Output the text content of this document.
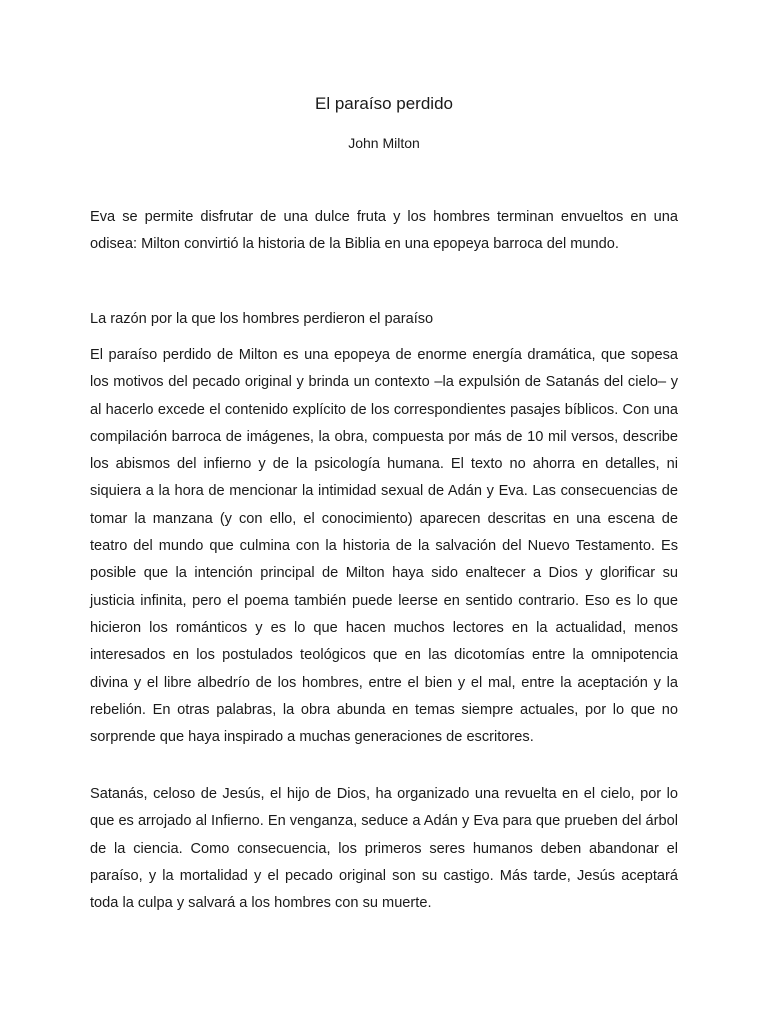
El paraíso perdido

John Milton

Eva se permite disfrutar de una dulce fruta y los hombres terminan envueltos en una odisea: Milton convirtió la historia de la Biblia en una epopeya barroca del mundo.

La razón por la que los hombres perdieron el paraíso

El paraíso perdido de Milton es una epopeya de enorme energía dramática, que sopesa los motivos del pecado original y brinda un contexto –la expulsión de Satanás del cielo– y al hacerlo excede el contenido explícito de los correspondientes pasajes bíblicos. Con una compilación barroca de imágenes, la obra, compuesta por más de 10 mil versos, describe los abismos del infierno y de la psicología humana. El texto no ahorra en detalles, ni siquiera a la hora de mencionar la intimidad sexual de Adán y Eva. Las consecuencias de tomar la manzana (y con ello, el conocimiento) aparecen descritas en una escena de teatro del mundo que culmina con la historia de la salvación del Nuevo Testamento. Es posible que la intención principal de Milton haya sido enaltecer a Dios y glorificar su justicia infinita, pero el poema también puede leerse en sentido contrario. Eso es lo que hicieron los románticos y es lo que hacen muchos lectores en la actualidad, menos interesados en los postulados teológicos que en las dicotomías entre la omnipotencia divina y el libre albedrío de los hombres, entre el bien y el mal, entre la aceptación y la rebelión. En otras palabras, la obra abunda en temas siempre actuales, por lo que no sorprende que haya inspirado a muchas generaciones de escritores.

Satanás, celoso de Jesús, el hijo de Dios, ha organizado una revuelta en el cielo, por lo que es arrojado al Infierno. En venganza, seduce a Adán y Eva para que prueben del árbol de la ciencia. Como consecuencia, los primeros seres humanos deben abandonar el paraíso, y la mortalidad y el pecado original son su castigo. Más tarde, Jesús aceptará toda la culpa y salvará a los hombres con su muerte.
